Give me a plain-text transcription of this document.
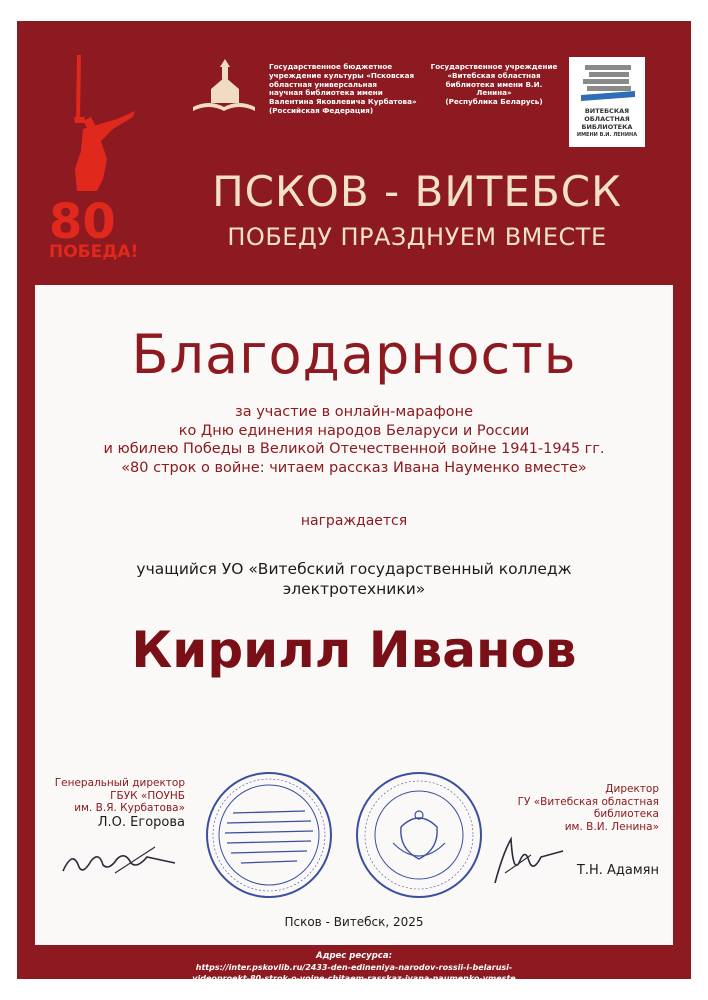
80
ПОБЕДА!
Государственное бюджетное
учреждение культуры «Псковская
областная универсальная
научная библиотека имени
Валентина Яковлевича Курбатова»
(Российская Федерация)
Государственное учреждение
«Витебская областная
библиотека имени В.И. Ленина»
(Республика Беларусь)
ВИТЕБСКАЯ ОБЛАСТНАЯ
БИБЛИОТЕКА
ИМЕНИ В.И. ЛЕНИНА
ПСКОВ - ВИТЕБСК
ПОБЕДУ ПРАЗДНУЕМ ВМЕСТЕ
Благодарность
за участие в онлайн-марафоне
ко Дню единения народов Беларуси и России
и юбилею Победы в Великой Отечественной войне 1941-1945 гг.
«80 строк о войне: читаем рассказ Ивана Науменко вместе»
награждается
учащийся УО «Витебский государственный колледж
электротехники»
Кирилл Иванов
Генеральный директор
ГБУК «ПОУНБ
им. В.Я. Курбатова»
Л.О. Егорова
Директор
ГУ «Витебская областная
библиотека
им. В.И. Ленина»
Т.Н. Адамян
Псков - Витебск, 2025
Адрес ресурса:
https://inter.pskovlib.ru/2433-den-edineniya-narodov-rossii-i-belarusi-
videoproekt-80-strok-o-vojne-chitaem-rasskaz-ivana-naumenko-vmeste
